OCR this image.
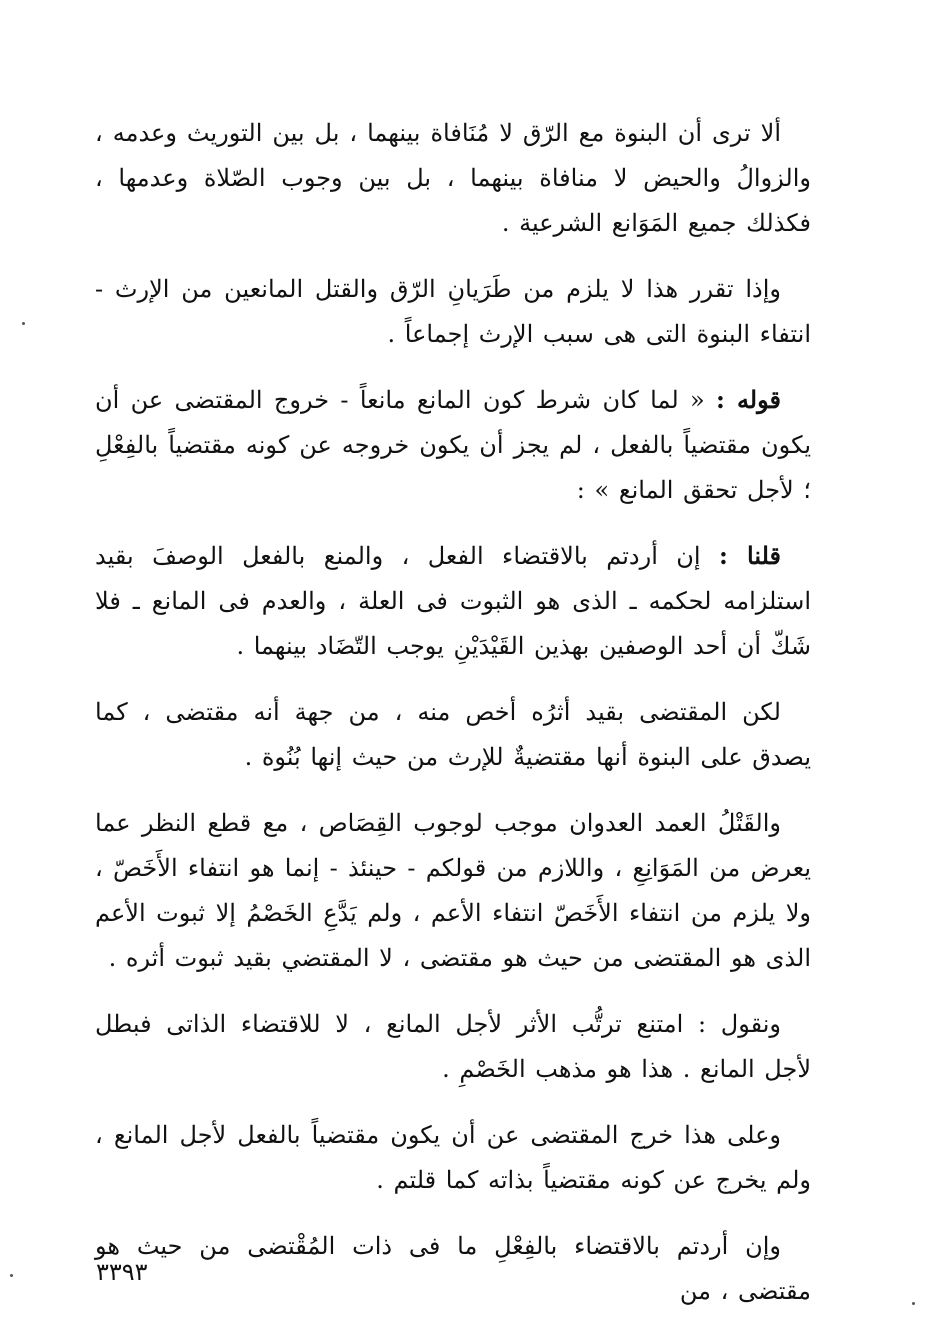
ألا ترى أن البنوة مع الرّق لا مُنَافاة بينهما ، بل بين التوريث وعدمه ، والزوالُ والحيض لا منافاة بينهما ، بل بين وجوب الصّلاة وعدمها ، فكذلك جميع المَوَانع الشرعية .

وإذا تقرر هذا لا يلزم من طَرَيانِ الرّق والقتل المانعين من الإرث - انتفاء البنوة التى هى سبب الإرث إجماعاً .

قوله : « لما كان شرط كون المانع مانعاً - خروج المقتضى عن أن يكون مقتضياً بالفعل ، لم يجز أن يكون خروجه عن كونه مقتضياً بالفِعْلِ ؛ لأجل تحقق المانع » :

قلنا : إن أردتم بالاقتضاء الفعل ، والمنع بالفعل الوصفَ بقيد استلزامه لحكمه ـ الذى هو الثبوت فى العلة ، والعدم فى المانع ـ فلا شَكّ أن أحد الوصفين بهذين القَيْدَيْنِ يوجب التّضَاد بينهما .

لكن المقتضى بقيد أثرُه أخص منه ، من جهة أنه مقتضى ، كما يصدق على البنوة أنها مقتضيةٌ للإرث من حيث إنها بُنُوة .

والقَتْلُ العمد العدوان موجب لوجوب القِصَاص ، مع قطع النظر عما يعرض من المَوَانِعِ ، واللازم من قولكم - حينئذ - إنما هو انتفاء الأَخَصّ ، ولا يلزم من انتفاء الأَخَصّ انتفاء الأعم ، ولم يَدَّعِ الخَصْمُ إلا ثبوت الأعم الذى هو المقتضى من حيث هو مقتضى ، لا المقتضي بقيد ثبوت أثره .

ونقول : امتنع ترتُّب الأثر لأجل المانع ، لا للاقتضاء الذاتى فبطل لأجل المانع . هذا هو مذهب الخَصْمِ .

وعلى هذا خرج المقتضى عن أن يكون مقتضياً بالفعل لأجل المانع ، ولم يخرج عن كونه مقتضياً بذاته كما قلتم .

وإن أردتم بالاقتضاء بالفِعْلِ ما فى ذات المُقْتضى من حيث هو مقتضى ، من

٣٣٩٣
